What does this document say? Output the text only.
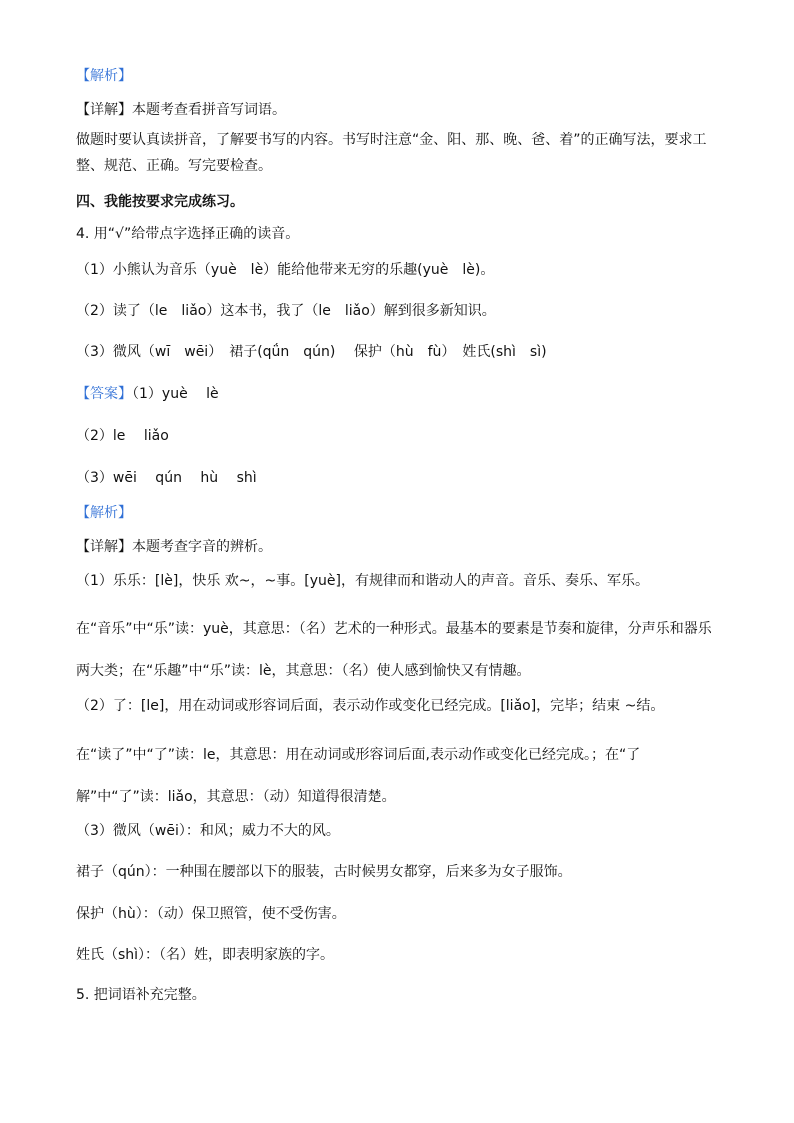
【解析】
【详解】本题考查看拼音写词语。
做题时要认真读拼音，了解要书写的内容。书写时注意“金、阳、那、晚、爸、着”的正确写法，要求工整、规范、正确。写完要检查。
四、我能按要求完成练习。
4. 用“√”给带点字选择正确的读音。
（1）小熊认为音乐（yuè　lè）能给他带来无穷的乐趣(yuè　lè)。
（2）读了（le　liǎo）这本书，我了（le　liǎo）解到很多新知识。
（3）微风（wī　wēi）　裙子(qǘn　qún)　 保护（hù　fù）　姓氏(shì　sì)
【答案】（1）yuè　 lè
（2）le　 liǎo
（3）wēi　 qún　 hù　 shì
【解析】
【详解】本题考查字音的辨析。
（1）乐乐：[lè]，快乐 欢~，~事。[yuè]，有规律而和谐动人的声音。音乐、奏乐、军乐。
在“音乐”中“乐”读：yuè，其意思：（名）艺术的一种形式。最基本的要素是节奏和旋律，分声乐和器乐两大类；在“乐趣”中“乐”读：lè，其意思：（名）使人感到愉快又有情趣。
（2）了：[le]，用在动词或形容词后面，表示动作或变化已经完成。[liǎo]，完毕；结束 ~结。
在“读了”中“了”读：le，其意思：用在动词或形容词后面,表示动作或变化已经完成。；在“了解”中“了”读：liǎo，其意思：（动）知道得很清楚。
（3）微风（wēi）：和风；威力不大的风。
裙子（qún）：一种围在腰部以下的服装，古时候男女都穿，后来多为女子服饰。
保护（hù）：（动）保卫照管，使不受伤害。
姓氏（shì）：（名）姓，即表明家族的字。
5. 把词语补充完整。
